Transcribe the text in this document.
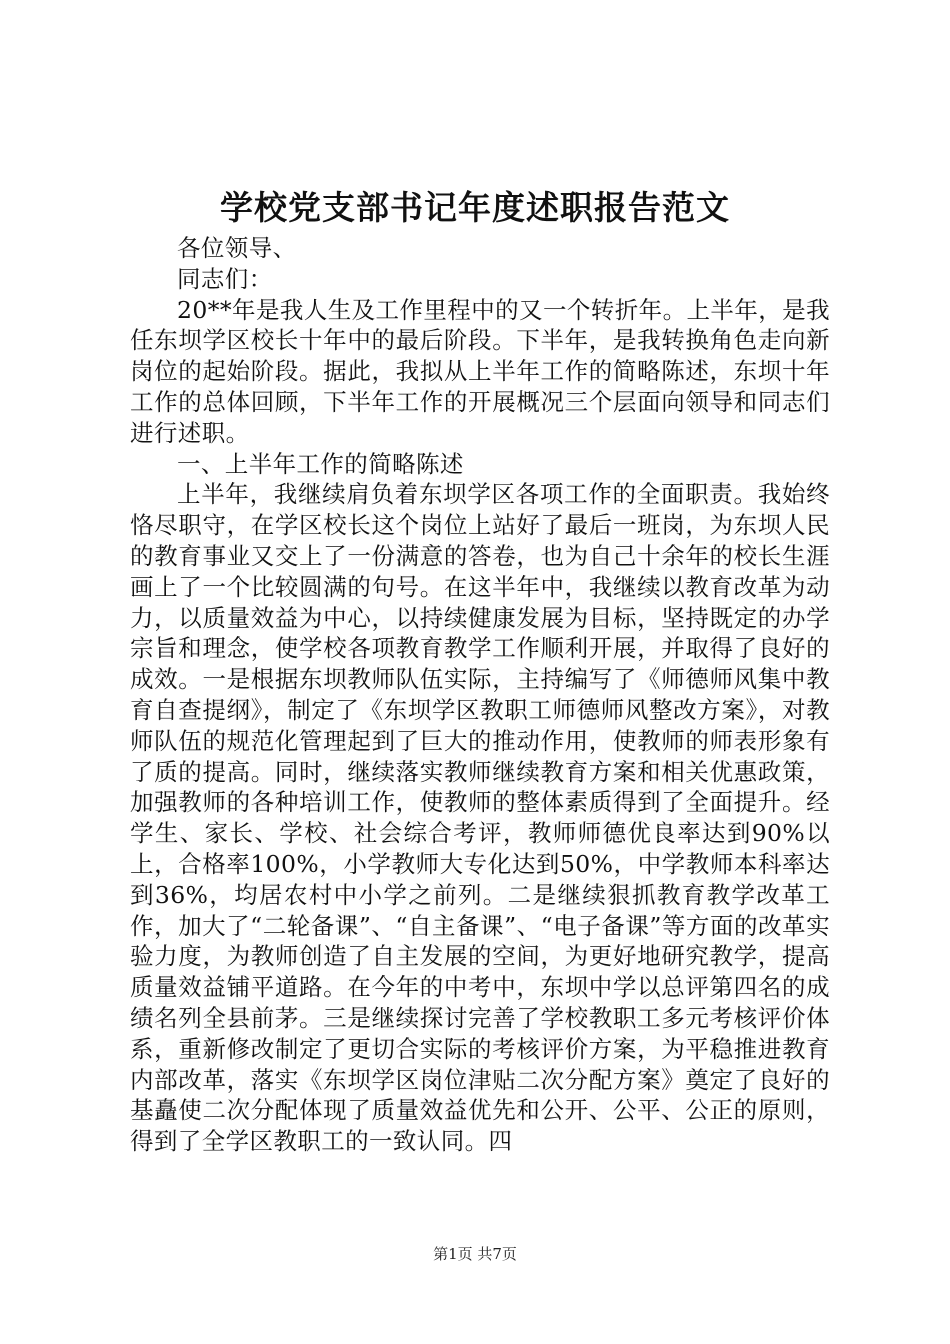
学校党支部书记年度述职报告范文

各位领导、

同志们：

20**年是我人生及工作里程中的又一个转折年。上半年，是我任东坝学区校长十年中的最后阶段。下半年，是我转换角色走向新岗位的起始阶段。据此，我拟从上半年工作的简略陈述，东坝十年工作的总体回顾，下半年工作的开展概况三个层面向领导和同志们进行述职。

一、上半年工作的简略陈述

上半年，我继续肩负着东坝学区各项工作的全面职责。我始终恪尽职守，在学区校长这个岗位上站好了最后一班岗，为东坝人民的教育事业又交上了一份满意的答卷，也为自己十余年的校长生涯画上了一个比较圆满的句号。在这半年中，我继续以教育改革为动力，以质量效益为中心，以持续健康发展为目标，坚持既定的办学宗旨和理念，使学校各项教育教学工作顺利开展，并取得了良好的成效。一是根据东坝教师队伍实际，主持编写了《师德师风集中教育自查提纲》，制定了《东坝学区教职工师德师风整改方案》，对教师队伍的规范化管理起到了巨大的推动作用，使教师的师表形象有了质的提高。同时，继续落实教师继续教育方案和相关优惠政策，加强教师的各种培训工作，使教师的整体素质得到了全面提升。经学生、家长、学校、社会综合考评，教师师德优良率达到90%以上，合格率100%，小学教师大专化达到50%，中学教师本科率达到36%，均居农村中小学之前列。二是继续狠抓教育教学改革工作，加大了“二轮备课”、“自主备课”、“电子备课”等方面的改革实验力度，为教师创造了自主发展的空间，为更好地研究教学，提高质量效益铺平道路。在今年的中考中，东坝中学以总评第四名的成绩名列全县前茅。三是继续探讨完善了学校教职工多元考核评价体系，重新修改制定了更切合实际的考核评价方案，为平稳推进教育内部改革，落实《东坝学区岗位津贴二次分配方案》奠定了良好的基矗使二次分配体现了质量效益优先和公开、公平、公正的原则，得到了全学区教职工的一致认同。四

第1页 共7页
